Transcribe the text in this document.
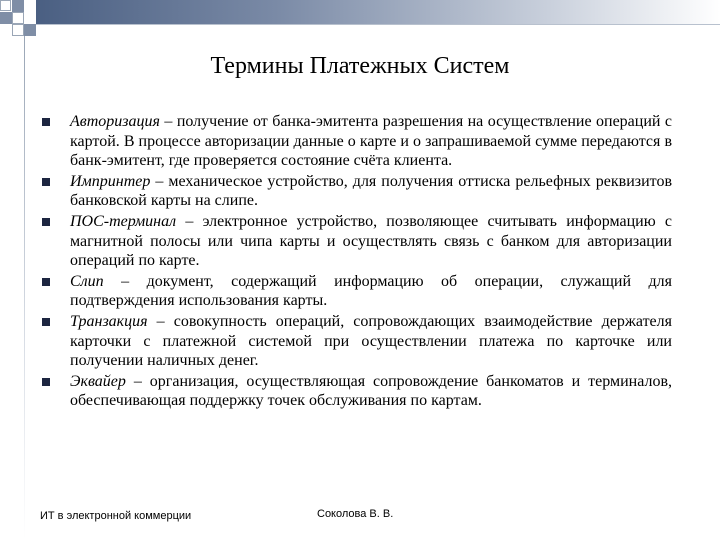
Термины Платежных Систем
Авторизация – получение от банка-эмитента разрешения на осуществление операций с картой. В процессе авторизации данные о карте и о запрашиваемой сумме передаются в банк-эмитент, где проверяется состояние счёта клиента.
Импринтер – механическое устройство, для получения оттиска рельефных реквизитов банковской карты на слипе.
ПОС-терминал – электронное устройство, позволяющее считывать информацию с магнитной полосы или чипа карты и осуществлять связь с банком для авторизации операций по карте.
Слип – документ, содержащий информацию об операции, служащий для подтверждения использования карты.
Транзакция – совокупность операций, сопровождающих взаимодействие держателя карточки с платежной системой при осуществлении платежа по карточке или получении наличных денег.
Эквайер – организация, осуществляющая сопровождение банкоматов и терминалов, обеспечивающая поддержку точек обслуживания по картам.
ИТ в электронной коммерции	Соколова В. В.
